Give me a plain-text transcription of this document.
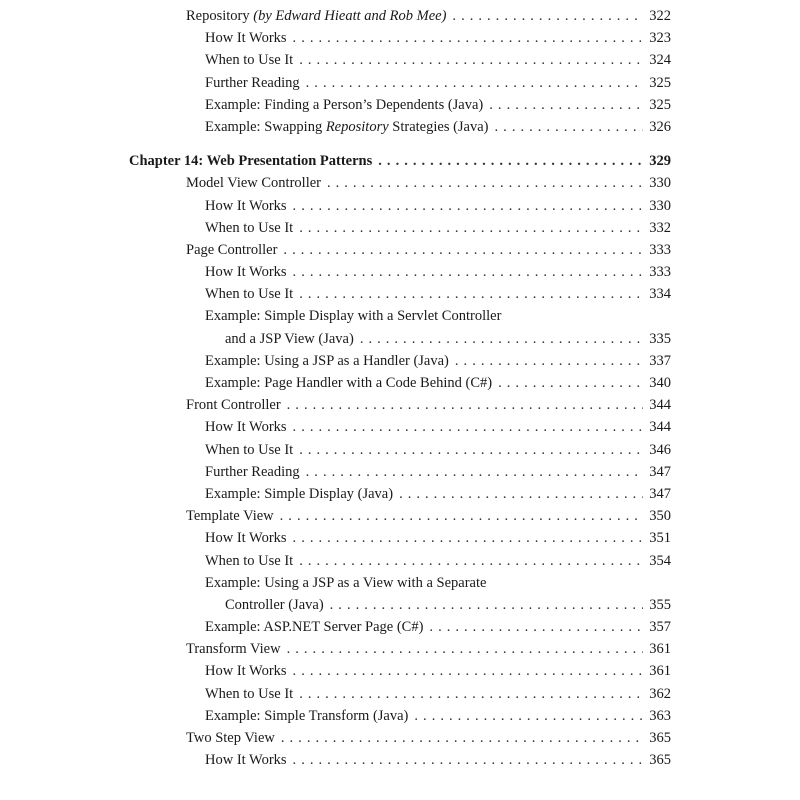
Repository (by Edward Hieatt and Rob Mee) . . .	322
How It Works . . .	323
When to Use It . . .	324
Further Reading . . .	325
Example: Finding a Person’s Dependents (Java) . . .	325
Example: Swapping Repository Strategies (Java) . . .	326
Chapter 14: Web Presentation Patterns . . .	329
Model View Controller . . .	330
How It Works . . .	330
When to Use It . . .	332
Page Controller . . .	333
How It Works . . .	333
When to Use It . . .	334
Example: Simple Display with a Servlet Controller
and a JSP View (Java) . . .	335
Example: Using a JSP as a Handler (Java) . . .	337
Example: Page Handler with a Code Behind (C#) . . .	340
Front Controller . . .	344
How It Works . . .	344
When to Use It . . .	346
Further Reading . . .	347
Example: Simple Display (Java) . . .	347
Template View . . .	350
How It Works . . .	351
When to Use It . . .	354
Example: Using a JSP as a View with a Separate
Controller (Java) . . .	355
Example: ASP.NET Server Page (C#) . . .	357
Transform View . . .	361
How It Works . . .	361
When to Use It . . .	362
Example: Simple Transform (Java) . . .	363
Two Step View . . .	365
How It Works . . .	365
